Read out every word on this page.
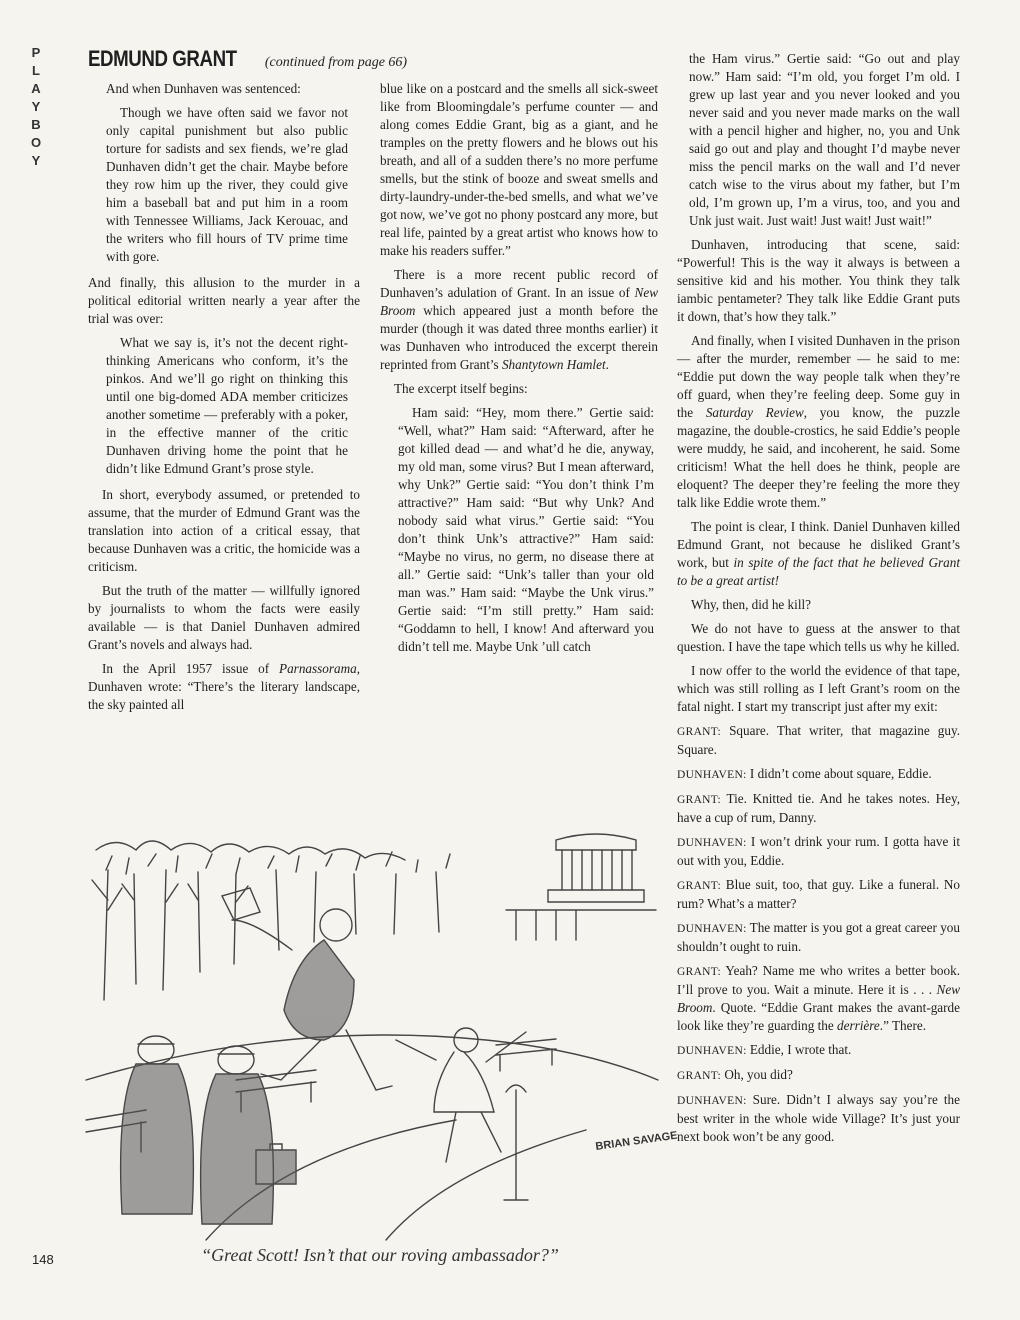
P
L
A
Y
B
O
Y
EDMUND GRANT (continued from page 66)

And when Dunhaven was sentenced:

Though we have often said we favor not only capital punishment but also public torture for sadists and sex fiends, we’re glad Dunhaven didn’t get the chair. Maybe before they row him up the river, they could give him a baseball bat and put him in a room with Tennessee Williams, Jack Kerouac, and the writers who fill hours of TV prime time with gore.

And finally, this allusion to the murder in a political editorial written nearly a year after the trial was over:

What we say is, it’s not the decent right-thinking Americans who conform, it’s the pinkos. And we’ll go right on thinking this until one big-domed ADA member criticizes another sometime — preferably with a poker, in the effective manner of the critic Dunhaven driving home the point that he didn’t like Edmund Grant’s prose style.

In short, everybody assumed, or pretended to assume, that the murder of Edmund Grant was the translation into action of a critical essay, that because Dunhaven was a critic, the homicide was a criticism.

But the truth of the matter — willfully ignored by journalists to whom the facts were easily available — is that Daniel Dunhaven admired Grant’s novels and always had.

In the April 1957 issue of Parnassorama, Dunhaven wrote: “There’s the literary landscape, the sky painted all

blue like on a postcard and the smells all sick-sweet like from Bloomingdale’s perfume counter — and along comes Eddie Grant, big as a giant, and he tramples on the pretty flowers and he blows out his breath, and all of a sudden there’s no more perfume smells, but the stink of booze and sweat smells and dirty-laundry-under-the-bed smells, and what we’ve got now, we’ve got no phony postcard any more, but real life, painted by a great artist who knows how to make his readers suffer.”

There is a more recent public record of Dunhaven’s adulation of Grant. In an issue of New Broom which appeared just a month before the murder (though it was dated three months earlier) it was Dunhaven who introduced the excerpt therein reprinted from Grant’s Shantytown Hamlet.

The excerpt itself begins:

Ham said: “Hey, mom there.” Gertie said: “Well, what?” Ham said: “Afterward, after he got killed dead — and what’d he die, anyway, my old man, some virus? But I mean afterward, why Unk?” Gertie said: “You don’t think I’m attractive?” Ham said: “But why Unk? And nobody said what virus.” Gertie said: “You don’t think Unk’s attractive?” Ham said: “Maybe no virus, no germ, no disease there at all.” Gertie said: “Unk’s taller than your old man was.” Ham said: “Maybe the Unk virus.” Gertie said: “I’m still pretty.” Ham said: “Goddamn to hell, I know! And afterward you didn’t tell me. Maybe Unk ’ull catch

the Ham virus.” Gertie said: “Go out and play now.” Ham said: “I’m old, you forget I’m old. I grew up last year and you never looked and you never said and you never made marks on the wall with a pencil higher and higher, no, you and Unk said go out and play and thought I’d maybe never miss the pencil marks on the wall and I’d never catch wise to the virus about my father, but I’m old, I’m grown up, I’m a virus, too, and you and Unk just wait. Just wait! Just wait! Just wait!”

Dunhaven, introducing that scene, said: “Powerful! This is the way it always is between a sensitive kid and his mother. You think they talk iambic pentameter? They talk like Eddie Grant puts it down, that’s how they talk.”

And finally, when I visited Dunhaven in the prison — after the murder, remember — he said to me: “Eddie put down the way people talk when they’re off guard, when they’re feeling deep. Some guy in the Saturday Review, you know, the puzzle magazine, the double-crostics, he said Eddie’s people were muddy, he said, and incoherent, he said. Some criticism! What the hell does he think, people are eloquent? The deeper they’re feeling the more they talk like Eddie wrote them.”

The point is clear, I think. Daniel Dunhaven killed Edmund Grant, not because he disliked Grant’s work, but in spite of the fact that he believed Grant to be a great artist!

Why, then, did he kill?

We do not have to guess at the answer to that question. I have the tape which tells us why he killed.

I now offer to the world the evidence of that tape, which was still rolling as I left Grant’s room on the fatal night. I start my transcript just after my exit:

GRANT: Square. That writer, that magazine guy. Square.

DUNHAVEN: I didn’t come about square, Eddie.

GRANT: Tie. Knitted tie. And he takes notes. Hey, have a cup of rum, Danny.

DUNHAVEN: I won’t drink your rum. I gotta have it out with you, Eddie.

GRANT: Blue suit, too, that guy. Like a funeral. No rum? What’s a matter?

DUNHAVEN: The matter is you got a great career you shouldn’t ought to ruin.

GRANT: Yeah? Name me who writes a better book. I’ll prove to you. Wait a minute. Here it is . . . New Broom. Quote. “Eddie Grant makes the avant-garde look like they’re guarding the derrière.” There.

DUNHAVEN: Eddie, I wrote that.

GRANT: Oh, you did?

DUNHAVEN: Sure. Didn’t I always say you’re the best writer in the whole wide Village? It’s just your next book won’t be any good.

BRIAN SAVAGE
“Great Scott! Isn’t that our roving ambassador?”
148
